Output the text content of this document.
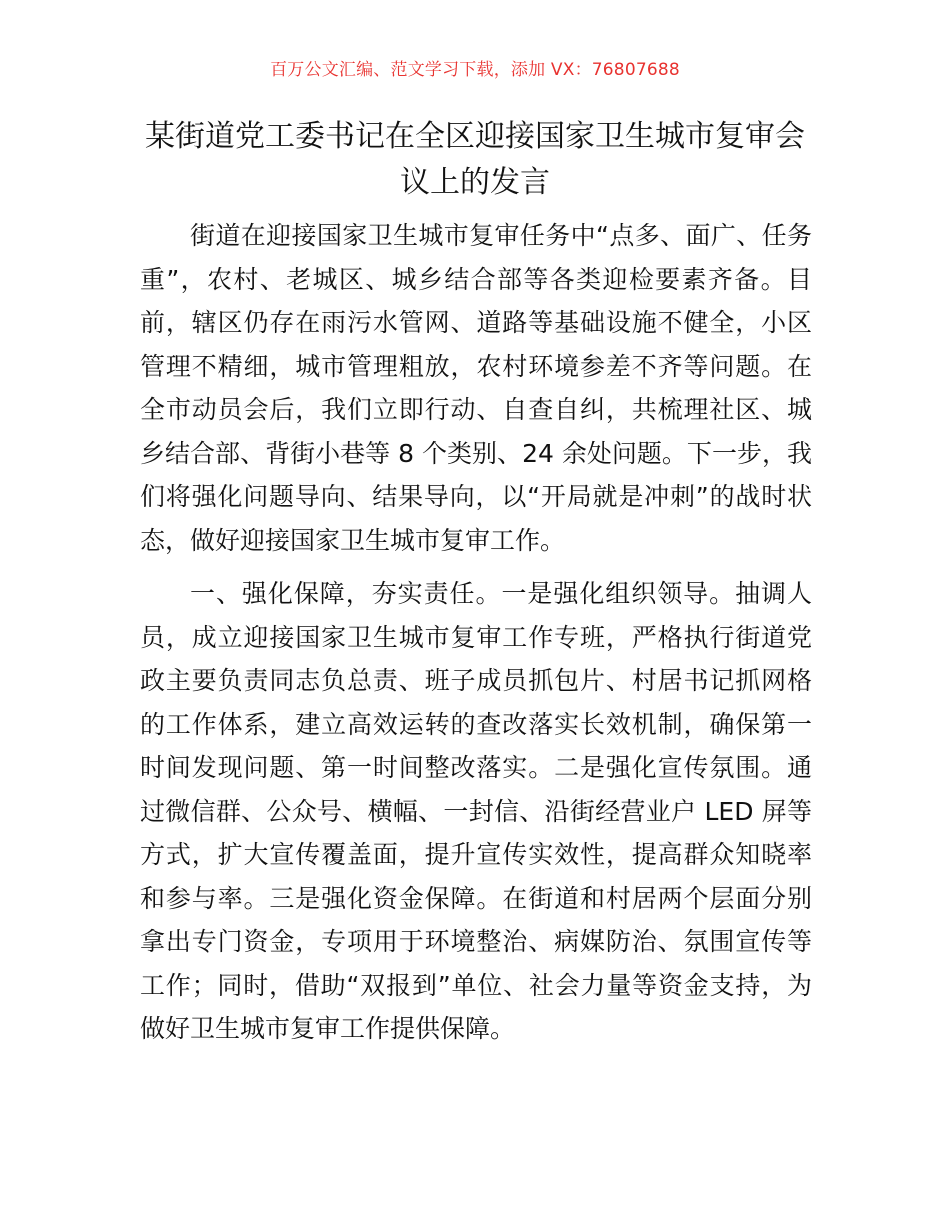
百万公文汇编、范文学习下载，添加 VX：76807688
某街道党工委书记在全区迎接国家卫生城市复审会议上的发言

街道在迎接国家卫生城市复审任务中“点多、面广、任务重”，农村、老城区、城乡结合部等各类迎检要素齐备。目前，辖区仍存在雨污水管网、道路等基础设施不健全，小区管理不精细，城市管理粗放，农村环境参差不齐等问题。在全市动员会后，我们立即行动、自查自纠，共梳理社区、城乡结合部、背街小巷等 8 个类别、24 余处问题。下一步，我们将强化问题导向、结果导向，以“开局就是冲刺”的战时状态，做好迎接国家卫生城市复审工作。

一、强化保障，夯实责任。一是强化组织领导。抽调人员，成立迎接国家卫生城市复审工作专班，严格执行街道党政主要负责同志负总责、班子成员抓包片、村居书记抓网格的工作体系，建立高效运转的查改落实长效机制，确保第一时间发现问题、第一时间整改落实。二是强化宣传氛围。通过微信群、公众号、横幅、一封信、沿街经营业户 LED 屏等方式，扩大宣传覆盖面，提升宣传实效性，提高群众知晓率和参与率。三是强化资金保障。在街道和村居两个层面分别拿出专门资金，专项用于环境整治、病媒防治、氛围宣传等工作；同时，借助“双报到”单位、社会力量等资金支持，为做好卫生城市复审工作提供保障。
